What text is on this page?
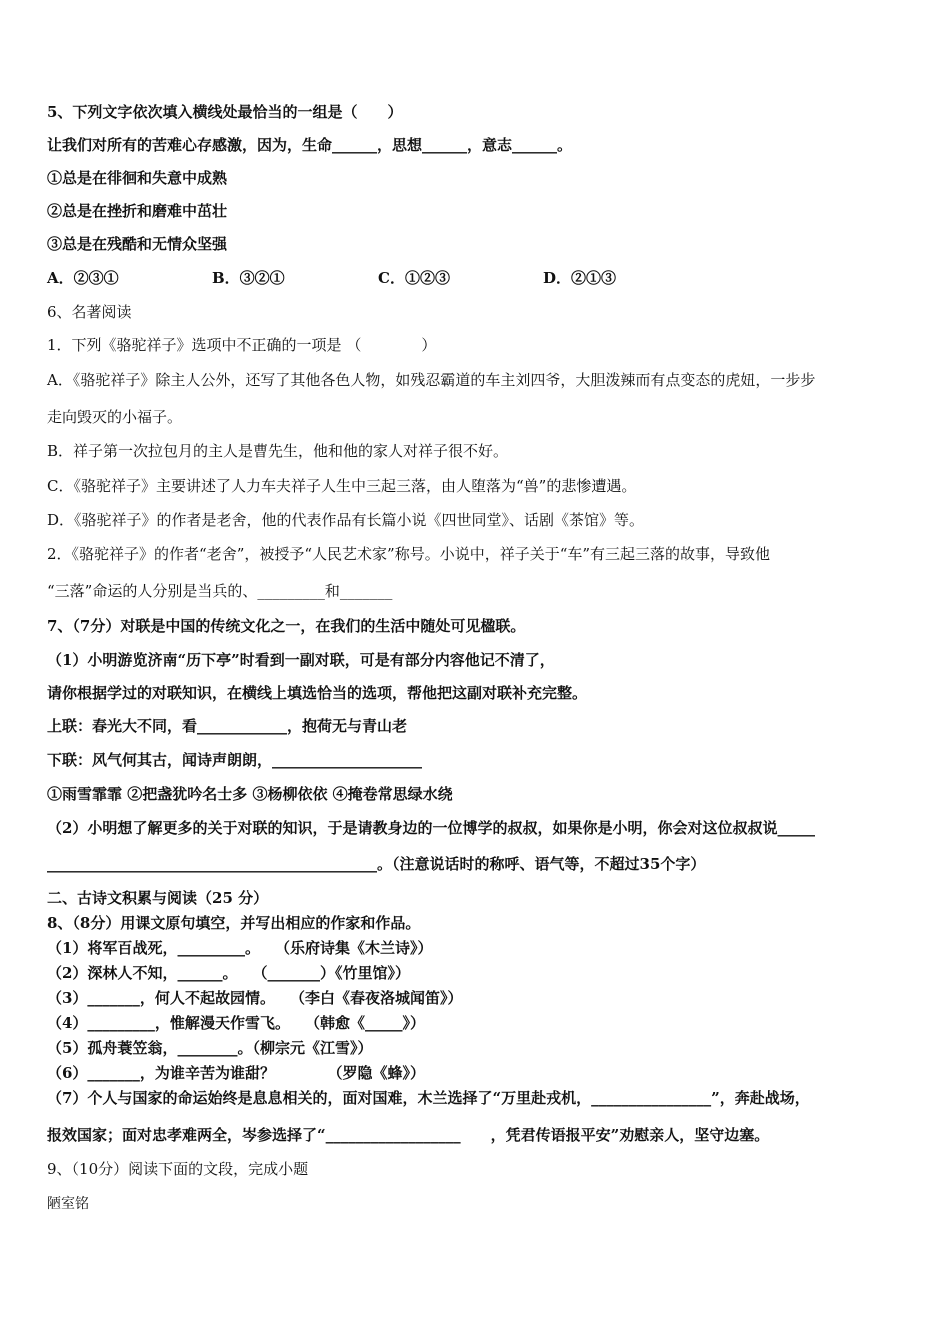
5、下列文字依次填入横线处最恰当的一组是（　　）
让我们对所有的苦难心存感激，因为，生命______，思想______，意志______。
①总是在徘徊和失意中成熟
②总是在挫折和磨难中茁壮
③总是在残酷和无情众坚强
A．②③①	B．③②①	C．①②③	D．②①③
6、名著阅读
1．下列《骆驼祥子》选项中不正确的一项是 （　　　　）
A．《骆驼祥子》除主人公外，还写了其他各色人物，如残忍霸道的车主刘四爷，大胆泼辣而有点变态的虎妞，一步步
走向毁灭的小福子。
B．祥子第一次拉包月的主人是曹先生，他和他的家人对祥子很不好。
C．《骆驼祥子》主要讲述了人力车夫祥子人生中三起三落，由人堕落为“兽”的悲惨遭遇。
D．《骆驼祥子》的作者是老舍，他的代表作品有长篇小说《四世同堂》、话剧《茶馆》等。
2．《骆驼祥子》的作者“老舍”，被授予“人民艺术家”称号。小说中，祥子关于“车”有三起三落的故事，导致他
“三落”命运的人分别是当兵的、_________和_______
7、（7分）对联是中国的传统文化之一，在我们的生活中随处可见楹联。
（1）小明游览济南“历下亭”时看到一副对联，可是有部分内容他记不清了，
请你根据学过的对联知识，在横线上填选恰当的选项，帮他把这副对联补充完整。
上联：春光大不同，看____________，抱荷无与青山老
下联：风气何其古，闻诗声朗朗，____________________
①雨雪霏霏 ②把盏犹吟名士多 ③杨柳依依 ④掩卷常思绿水绕
（2）小明想了解更多的关于对联的知识，于是请教身边的一位博学的叔叔，如果你是小明，你会对这位叔叔说_____
____________________________________________。（注意说话时的称呼、语气等，不超过35个字）
二、古诗文积累与阅读（25 分）
8、（8分）用课文原句填空，并写出相应的作家和作品。
（1）将军百战死，_________。　　（乐府诗集《木兰诗》）
（2）深林人不知，______。　　（_______）《竹里馆》）
（3）_______，何人不起故园情。　　（李白《春夜洛城闻笛》）
（4）_________，惟解漫天作雪飞。　　（韩愈《_____》）
（5）孤舟蓑笠翁，________。（柳宗元《江雪》）
（6）_______，为谁辛苦为谁甜？　　　　（罗隐《蜂》）
（7）个人与国家的命运始终是息息相关的，面对国难，木兰选择了“万里赴戎机，________________”，奔赴战场，
报效国家；面对忠孝难两全，岑参选择了“__________________　　，凭君传语报平安”劝慰亲人，坚守边塞。
9、（10分）阅读下面的文段，完成小题
陋室铭
